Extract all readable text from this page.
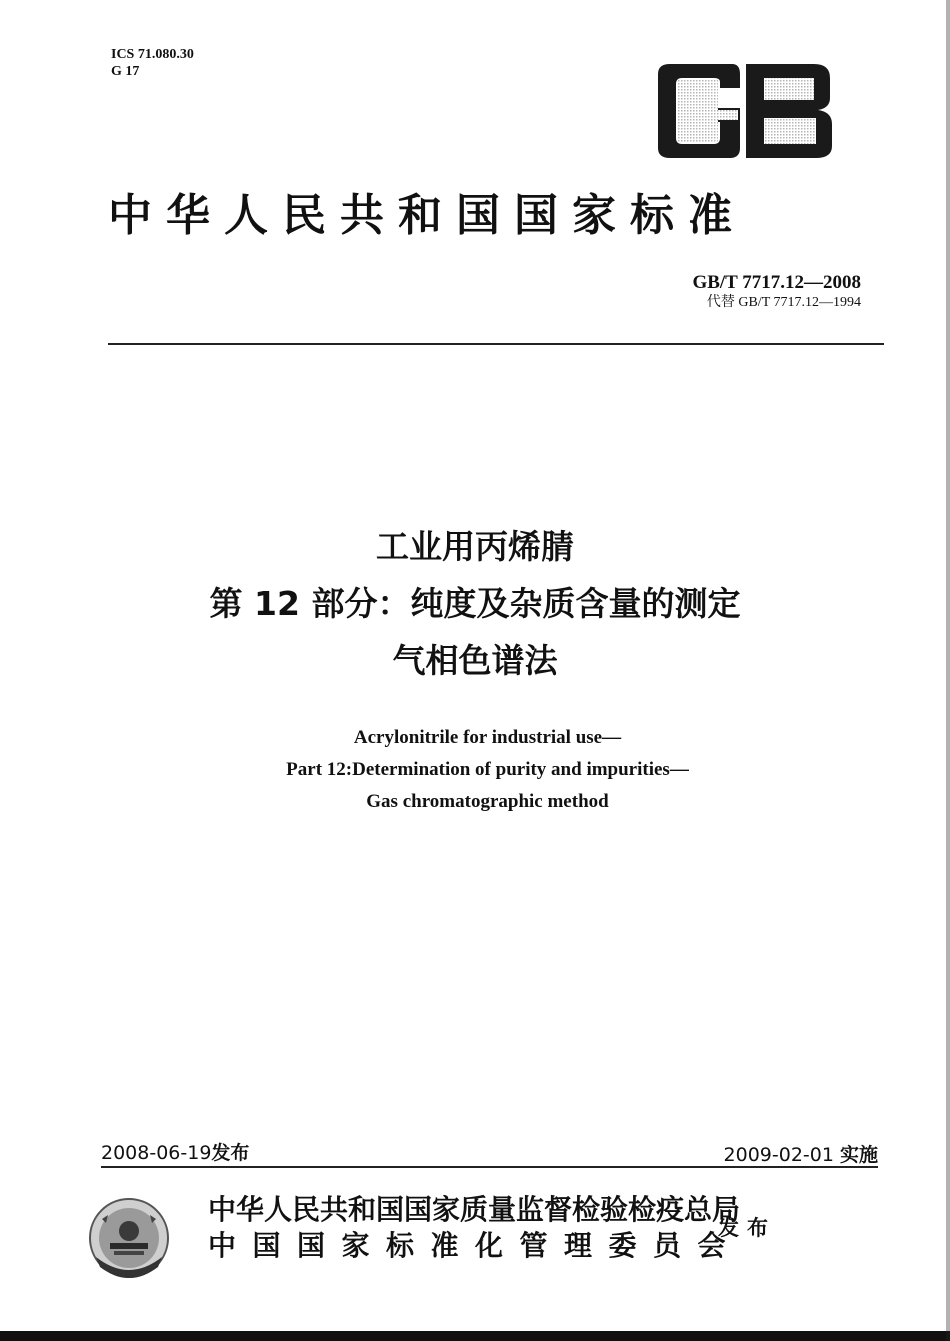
ICS 71.080.30
G 17
中华人民共和国国家标准
GB/T 7717.12—2008
代替 GB/T 7717.12—1994
工业用丙烯腈
第 12 部分：纯度及杂质含量的测定
气相色谱法
Acrylonitrile for industrial use—
Part 12:Determination of purity and impurities—
Gas chromatographic method
2008-06-19发布	2009-02-01 实施
中华人民共和国国家质量监督检验检疫总局
中国国家标准化管理委员会
发布
